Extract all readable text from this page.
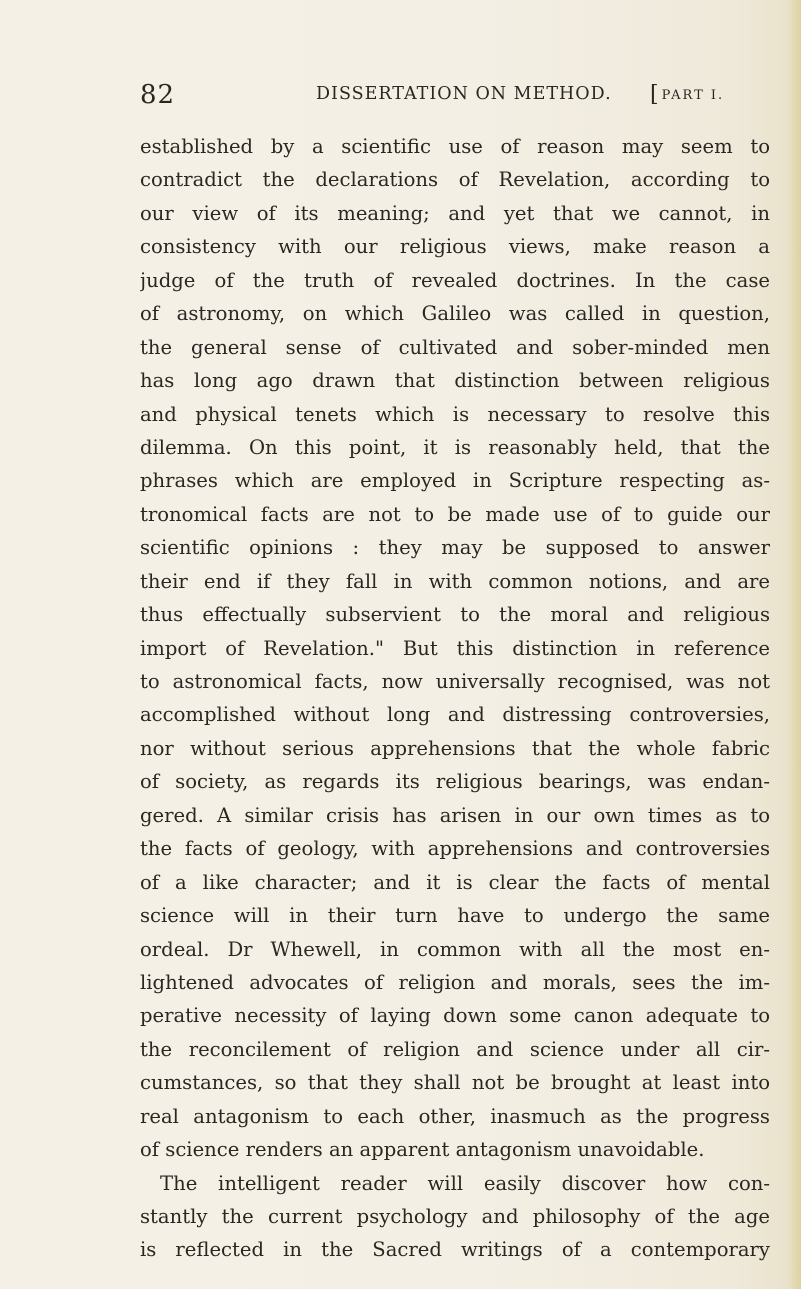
82	DISSERTATION ON METHOD. [ PART I.
established by a scientific use of reason may seem to
contradict the declarations of Revelation, according to
our view of its meaning; and yet that we cannot, in
consistency with our religious views, make reason a
judge of the truth of revealed doctrines. In the case
of astronomy, on which Galileo was called in question,
the general sense of cultivated and sober-minded men
has long ago drawn that distinction between religious
and physical tenets which is necessary to resolve this
dilemma. On this point, it is reasonably held, that the
phrases which are employed in Scripture respecting as-
tronomical facts are not to be made use of to guide our
scientific opinions : they may be supposed to answer
their end if they fall in with common notions, and are
thus effectually subservient to the moral and religious
import of Revelation." But this distinction in reference
to astronomical facts, now universally recognised, was not
accomplished without long and distressing controversies,
nor without serious apprehensions that the whole fabric
of society, as regards its religious bearings, was endan-
gered. A similar crisis has arisen in our own times as to
the facts of geology, with apprehensions and controversies
of a like character; and it is clear the facts of mental
science will in their turn have to undergo the same
ordeal. Dr Whewell, in common with all the most en-
lightened advocates of religion and morals, sees the im-
perative necessity of laying down some canon adequate to
the reconcilement of religion and science under all cir-
cumstances, so that they shall not be brought at least into
real antagonism to each other, inasmuch as the progress
of science renders an apparent antagonism unavoidable.
The intelligent reader will easily discover how con-
stantly the current psychology and philosophy of the age
is reflected in the Sacred writings of a contemporary
